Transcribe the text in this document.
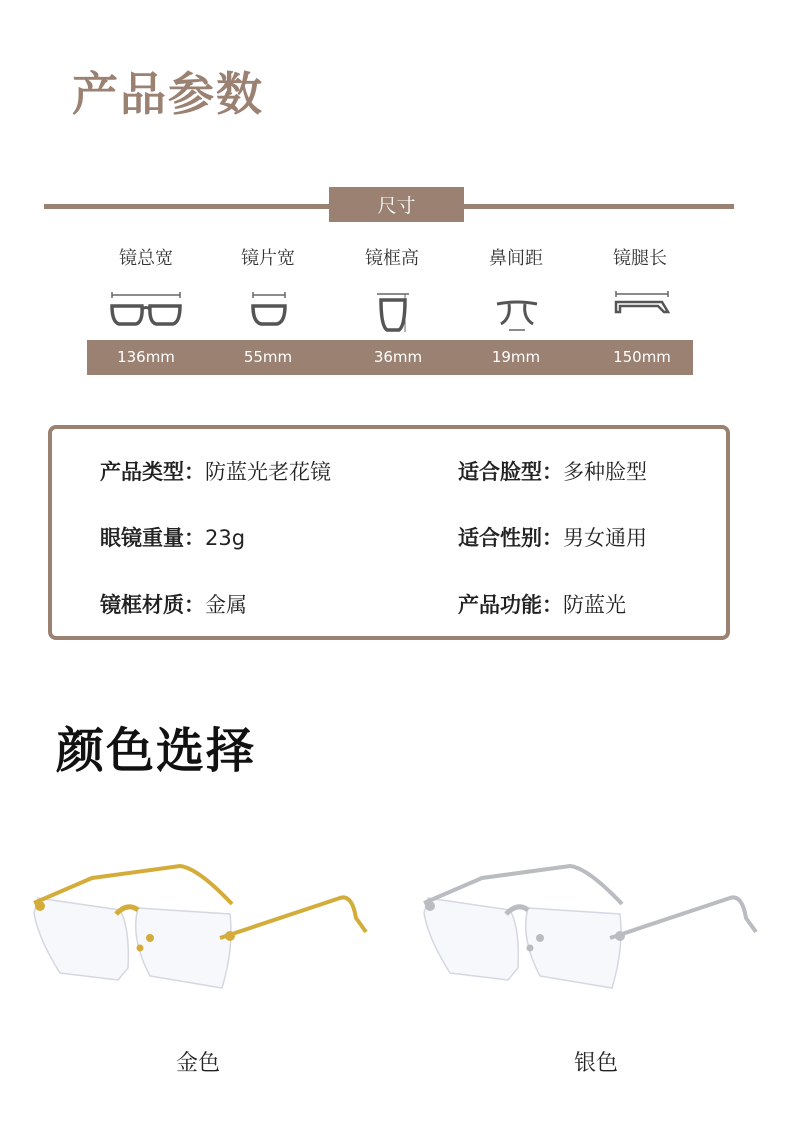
产品参数
尺寸
镜总宽	镜片宽	镜框高	鼻间距	镜腿长
136mm	55mm	36mm	19mm	150mm
产品类型：防蓝光老花镜	适合脸型：多种脸型
眼镜重量：23g	适合性别：男女通用
镜框材质：金属	产品功能：防蓝光
颜色选择
金色	银色
